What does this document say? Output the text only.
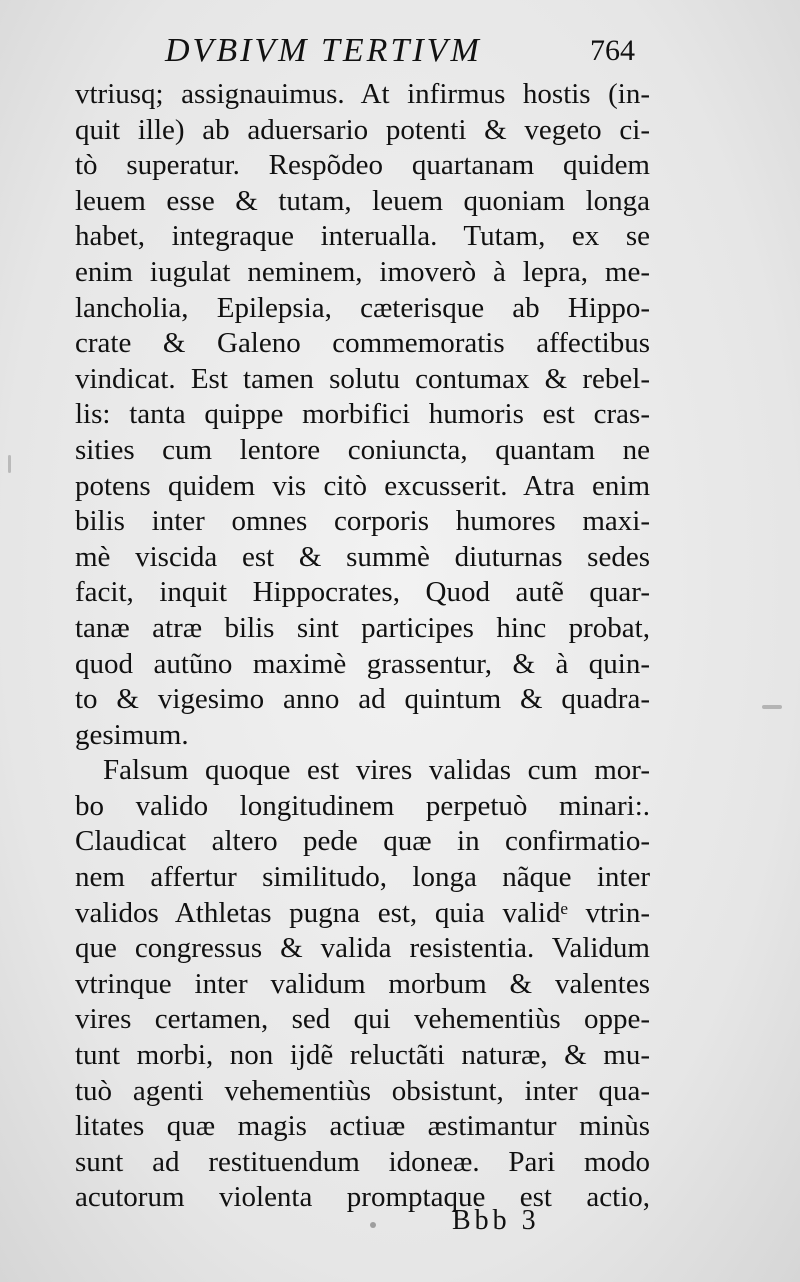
DVBIVM TERTIVM	764
vtriusq; assignauimus. At infirmus hostis (in-
quit ille) ab aduersario potenti & vegeto ci-
tò superatur. Respõdeo quartanam quidem
leuem esse & tutam, leuem quoniam longa
habet, integraque interualla. Tutam, ex se
enim iugulat neminem, imoverò à lepra, me-
lancholia, Epilepsia, cæterisque ab Hippo-
crate & Galeno commemoratis affectibus
vindicat. Est tamen solutu contumax & rebel-
lis: tanta quippe morbifici humoris est cras-
sities cum lentore coniuncta, quantam ne
potens quidem vis citò excusserit. Atra enim
bilis inter omnes corporis humores maxi-
mè viscida est & summè diuturnas sedes
facit, inquit Hippocrates, Quod autẽ quar-
tanæ atræ bilis sint participes hinc probat,
quod autũno maximè grassentur, & à quin-
to & vigesimo anno ad quintum & quadra-
gesimum.
Falsum quoque est vires validas cum mor-
bo valido longitudinem perpetuò minari:.
Claudicat altero pede quæ in confirmatio-
nem affertur similitudo, longa nãque inter
validos Athletas pugna est, quia validᵉ vtrin-
que congressus & valida resistentia. Validum
vtrinque inter validum morbum & valentes
vires certamen, sed qui vehementiùs oppe-
tunt morbi, non ijdẽ reluctãti naturæ, & mu-
tuò agenti vehementiùs obsistunt, inter qua-
litates quæ magis actiuæ æstimantur minùs
sunt ad restituendum idoneæ. Pari modo
acutorum violenta promptaque est actio,
Bbb 3
